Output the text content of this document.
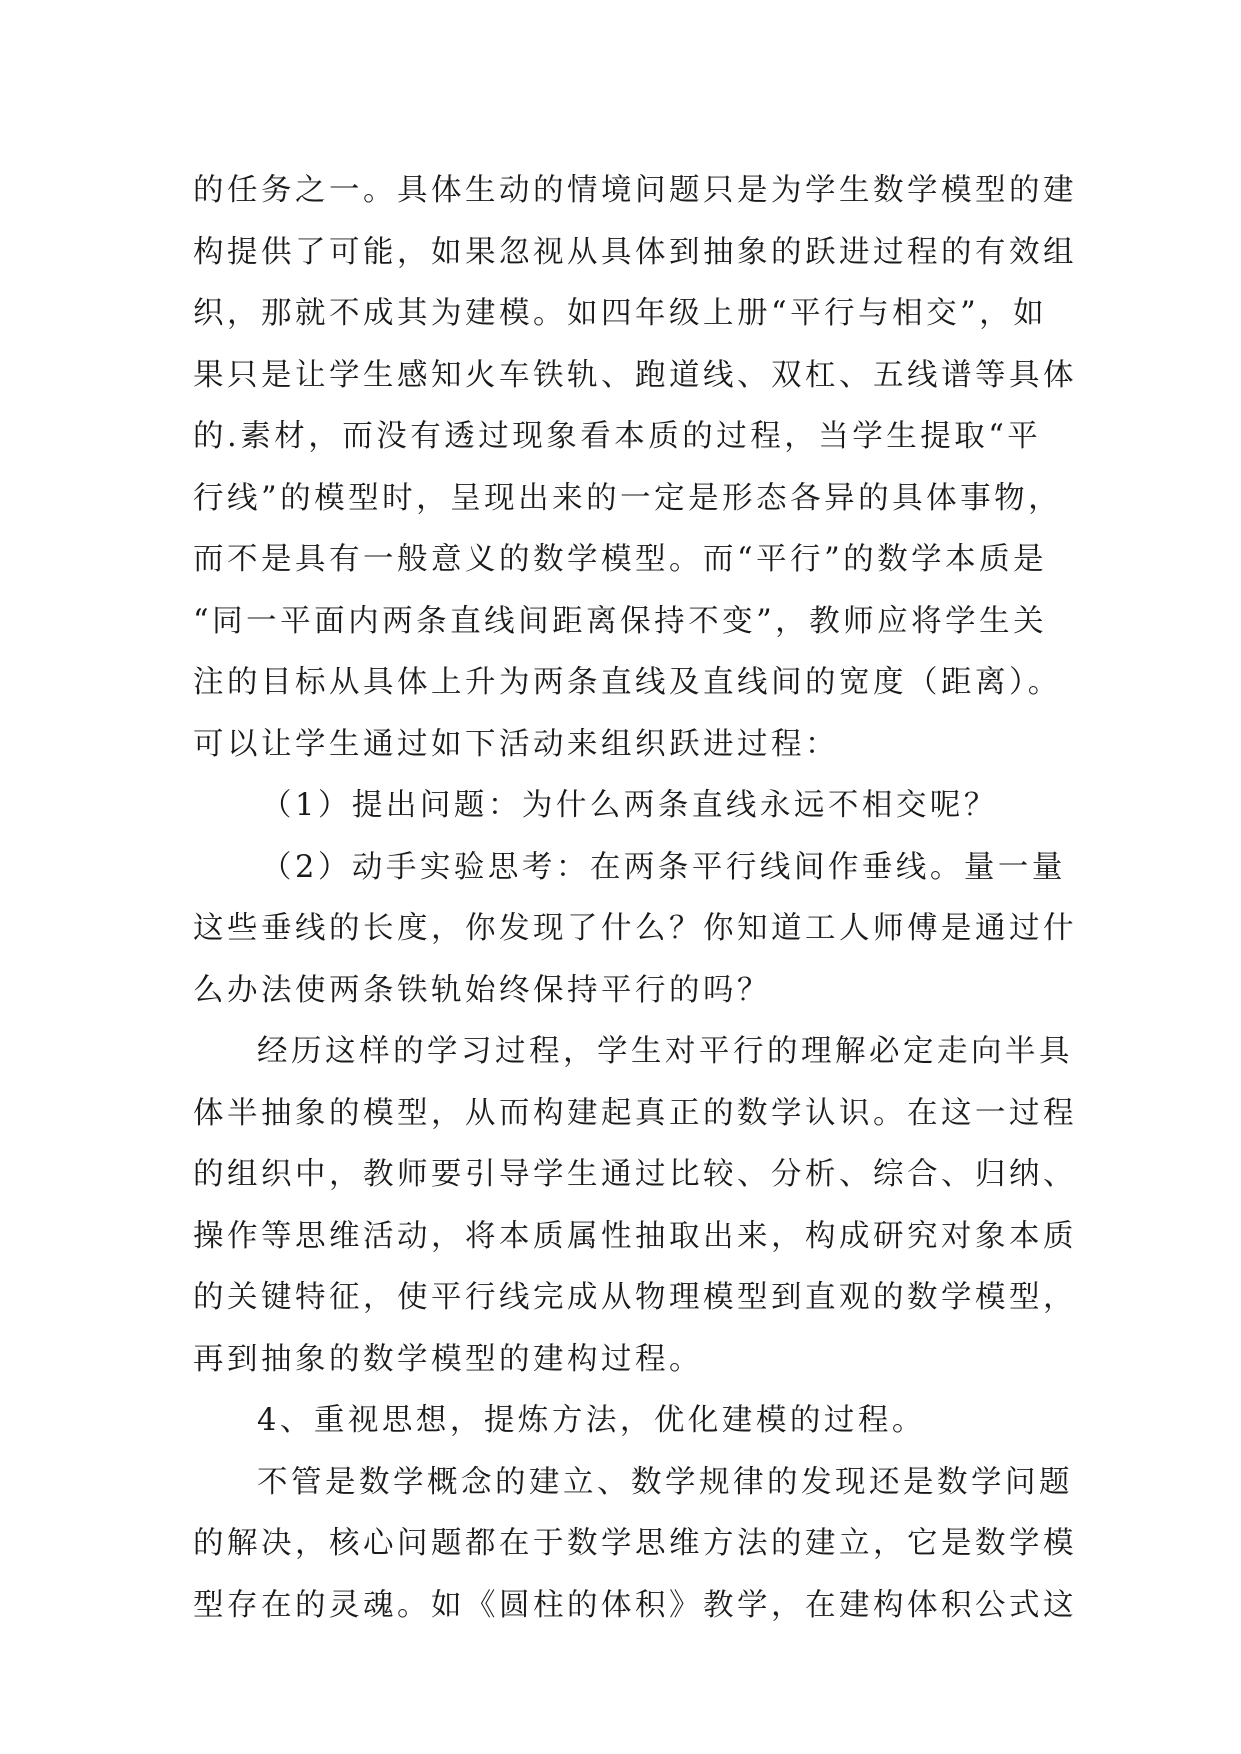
的任务之一。具体生动的情境问题只是为学生数学模型的建
构提供了可能，如果忽视从具体到抽象的跃进过程的有效组
织，那就不成其为建模。如四年级上册“平行与相交”，如
果只是让学生感知火车铁轨、跑道线、双杠、五线谱等具体
的.素材，而没有透过现象看本质的过程，当学生提取“平
行线”的模型时，呈现出来的一定是形态各异的具体事物，
而不是具有一般意义的数学模型。而“平行”的数学本质是
“同一平面内两条直线间距离保持不变”，教师应将学生关
注的目标从具体上升为两条直线及直线间的宽度（距离）。
可以让学生通过如下活动来组织跃进过程：
（1）提出问题：为什么两条直线永远不相交呢？
（2）动手实验思考：在两条平行线间作垂线。量一量
这些垂线的长度，你发现了什么？你知道工人师傅是通过什
么办法使两条铁轨始终保持平行的吗？
经历这样的学习过程，学生对平行的理解必定走向半具
体半抽象的模型，从而构建起真正的数学认识。在这一过程
的组织中，教师要引导学生通过比较、分析、综合、归纳、
操作等思维活动，将本质属性抽取出来，构成研究对象本质
的关键特征，使平行线完成从物理模型到直观的数学模型，
再到抽象的数学模型的建构过程。
4、重视思想，提炼方法，优化建模的过程。
不管是数学概念的建立、数学规律的发现还是数学问题
的解决，核心问题都在于数学思维方法的建立，它是数学模
型存在的灵魂。如《圆柱的体积》教学，在建构体积公式这
